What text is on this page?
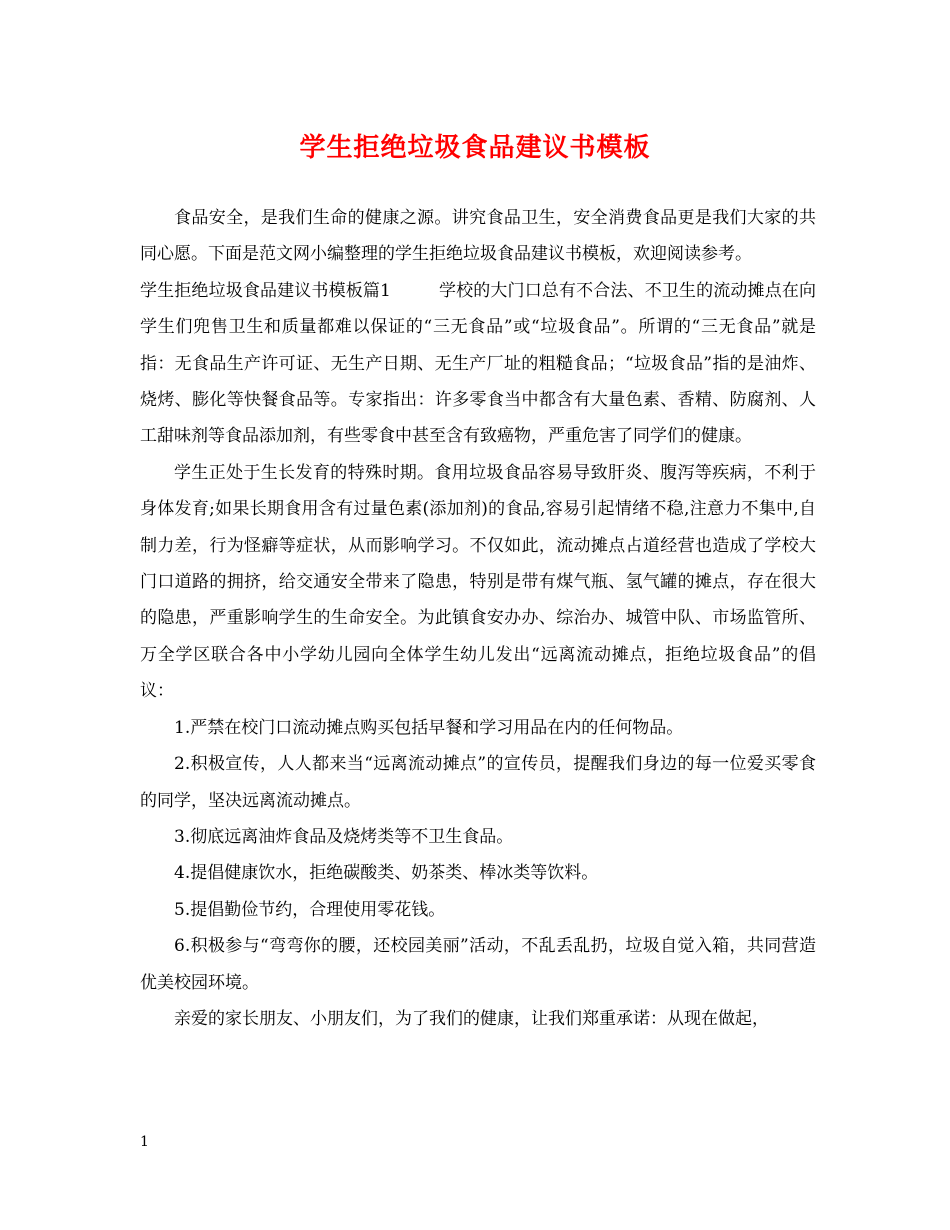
学生拒绝垃圾食品建议书模板

食品安全，是我们生命的健康之源。讲究食品卫生，安全消费食品更是我们大家的共同心愿。下面是范文网小编整理的学生拒绝垃圾食品建议书模板，欢迎阅读参考。

学生拒绝垃圾食品建议书模板篇1	学校的大门口总有不合法、不卫生的流动摊点在向学生们兜售卫生和质量都难以保证的“三无食品”或“垃圾食品”。所谓的“三无食品”就是指：无食品生产许可证、无生产日期、无生产厂址的粗糙食品；“垃圾食品”指的是油炸、烧烤、膨化等快餐食品等。专家指出：许多零食当中都含有大量色素、香精、防腐剂、人工甜味剂等食品添加剂，有些零食中甚至含有致癌物，严重危害了同学们的健康。

学生正处于生长发育的特殊时期。食用垃圾食品容易导致肝炎、腹泻等疾病，不利于身体发育;如果长期食用含有过量色素(添加剂)的食品,容易引起情绪不稳,注意力不集中,自制力差，行为怪癖等症状，从而影响学习。不仅如此，流动摊点占道经营也造成了学校大门口道路的拥挤，给交通安全带来了隐患，特别是带有煤气瓶、氢气罐的摊点，存在很大的隐患，严重影响学生的生命安全。为此镇食安办办、综治办、城管中队、市场监管所、万全学区联合各中小学幼儿园向全体学生幼儿发出“远离流动摊点，拒绝垃圾食品”的倡议：

1.严禁在校门口流动摊点购买包括早餐和学习用品在内的任何物品。

2.积极宣传，人人都来当“远离流动摊点”的宣传员，提醒我们身边的每一位爱买零食的同学，坚决远离流动摊点。

3.彻底远离油炸食品及烧烤类等不卫生食品。

4.提倡健康饮水，拒绝碳酸类、奶茶类、棒冰类等饮料。

5.提倡勤俭节约，合理使用零花钱。

6.积极参与“弯弯你的腰，还校园美丽”活动，不乱丢乱扔，垃圾自觉入箱，共同营造优美校园环境。

亲爱的家长朋友、小朋友们，为了我们的健康，让我们郑重承诺：从现在做起，

1
